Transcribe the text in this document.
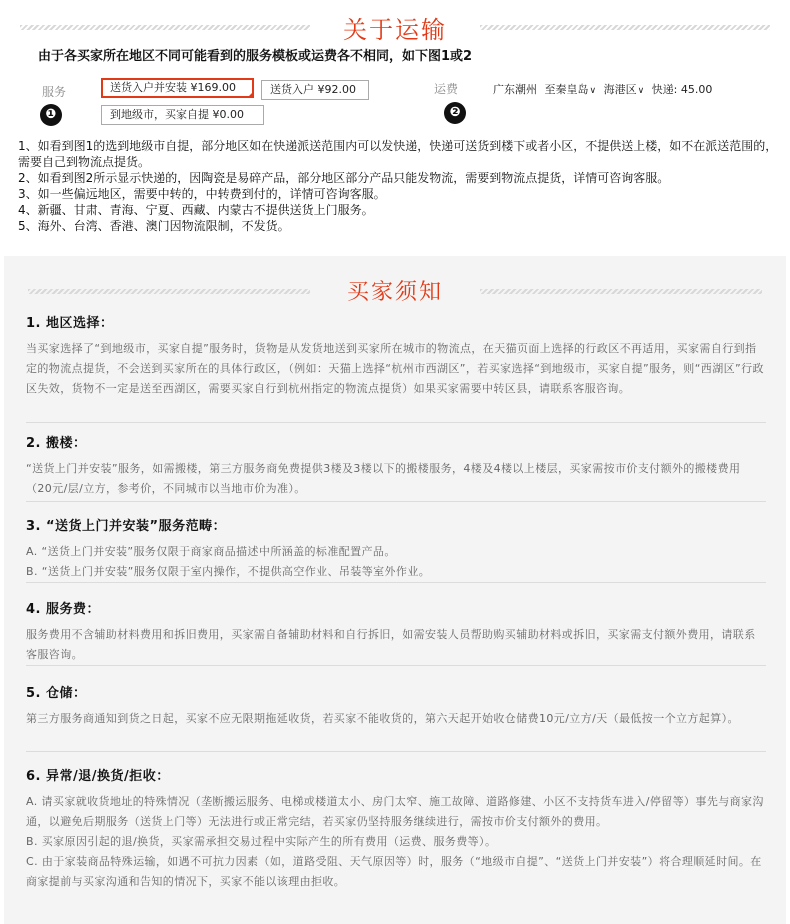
关于运输
由于各买家所在地区不同可能看到的服务模板或运费各不相同，如下图1或2
服务
❶
送货入户并安装 ¥169.00	送货入户 ¥92.00
到地级市，买家自提 ¥0.00
运费
❷
广东潮州 至秦皇岛 ∨ 海港区 ∨ 快递: 45.00

1、如看到图1的选到地级市自提，部分地区如在快递派送范围内可以发快递，快递可送货到楼下或者小区，不提供送上楼，如不在派送范围的，需要自己到物流点提货。

2、如看到图2所示显示快递的，因陶瓷是易碎产品，部分地区部分产品只能发物流，需要到物流点提货，详情可咨询客服。

3、如一些偏远地区，需要中转的，中转费到付的，详情可咨询客服。

4、新疆、甘肃、青海、宁夏、西藏、内蒙古不提供送货上门服务。

5、海外、台湾、香港、澳门因物流限制，不发货。

买家须知
1. 地区选择：

当买家选择了“到地级市，买家自提”服务时，货物是从发货地送到买家所在城市的物流点，在天猫页面上选择的行政区不再适用，买家需自行到指定的物流点提货，不会送到买家所在的具体行政区，（例如：天猫上选择“杭州市西湖区”，若买家选择“到地级市，买家自提”服务，则“西湖区”行政区失效，货物不一定是送至西湖区，需要买家自行到杭州指定的物流点提货）如果买家需要中转区县，请联系客服咨询。

2. 搬楼：

“送货上门并安装”服务，如需搬楼，第三方服务商免费提供3楼及3楼以下的搬楼服务，4楼及4楼以上楼层，买家需按市价支付额外的搬楼费用（20元/层/立方，参考价，不同城市以当地市价为准）。

3. “送货上门并安装”服务范畴：

A. “送货上门并安装”服务仅限于商家商品描述中所涵盖的标准配置产品。

B. “送货上门并安装”服务仅限于室内操作，不提供高空作业、吊装等室外作业。

4. 服务费：

服务费用不含辅助材料费用和拆旧费用，买家需自备辅助材料和自行拆旧，如需安装人员帮助购买辅助材料或拆旧，买家需支付额外费用，请联系客服咨询。

5. 仓储：

第三方服务商通知到货之日起，买家不应无限期拖延收货，若买家不能收货的，第六天起开始收仓储费10元/立方/天（最低按一个立方起算）。

6. 异常/退/换货/拒收：

A. 请买家就收货地址的特殊情况（垄断搬运服务、电梯或楼道太小、房门太窄、施工故障、道路修建、小区不支持货车进入/停留等）事先与商家沟通，以避免后期服务（送货上门等）无法进行或正常完结，若买家仍坚持服务继续进行，需按市价支付额外的费用。

B. 买家原因引起的退/换货，买家需承担交易过程中实际产生的所有费用（运费、服务费等）。

C. 由于家装商品特殊运输，如遇不可抗力因素（如，道路受阻、天气原因等）时，服务（“地级市自提”、“送货上门并安装”）将合理顺延时间。在商家提前与买家沟通和告知的情况下，买家不能以该理由拒收。
